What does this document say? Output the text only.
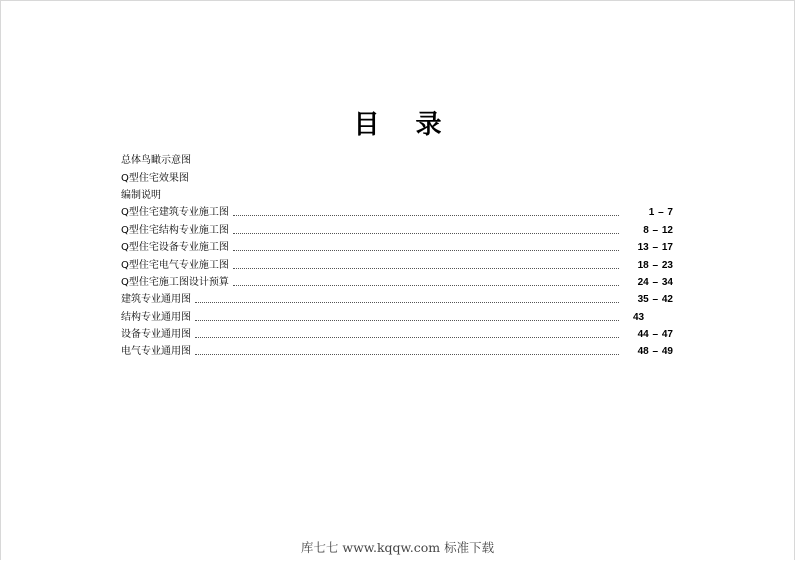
目 录
总体鸟瞰示意图
Q型住宅效果图
编制说明
Q型住宅建筑专业施工图	1 – 7
Q型住宅结构专业施工图	8 – 12
Q型住宅设备专业施工图	13 – 17
Q型住宅电气专业施工图	18 – 23
Q型住宅施工图设计预算	24 – 34
建筑专业通用图	35 – 42
结构专业通用图	43
设备专业通用图	44 – 47
电气专业通用图	48 – 49
库七七 www.kqqw.com 标准下载
